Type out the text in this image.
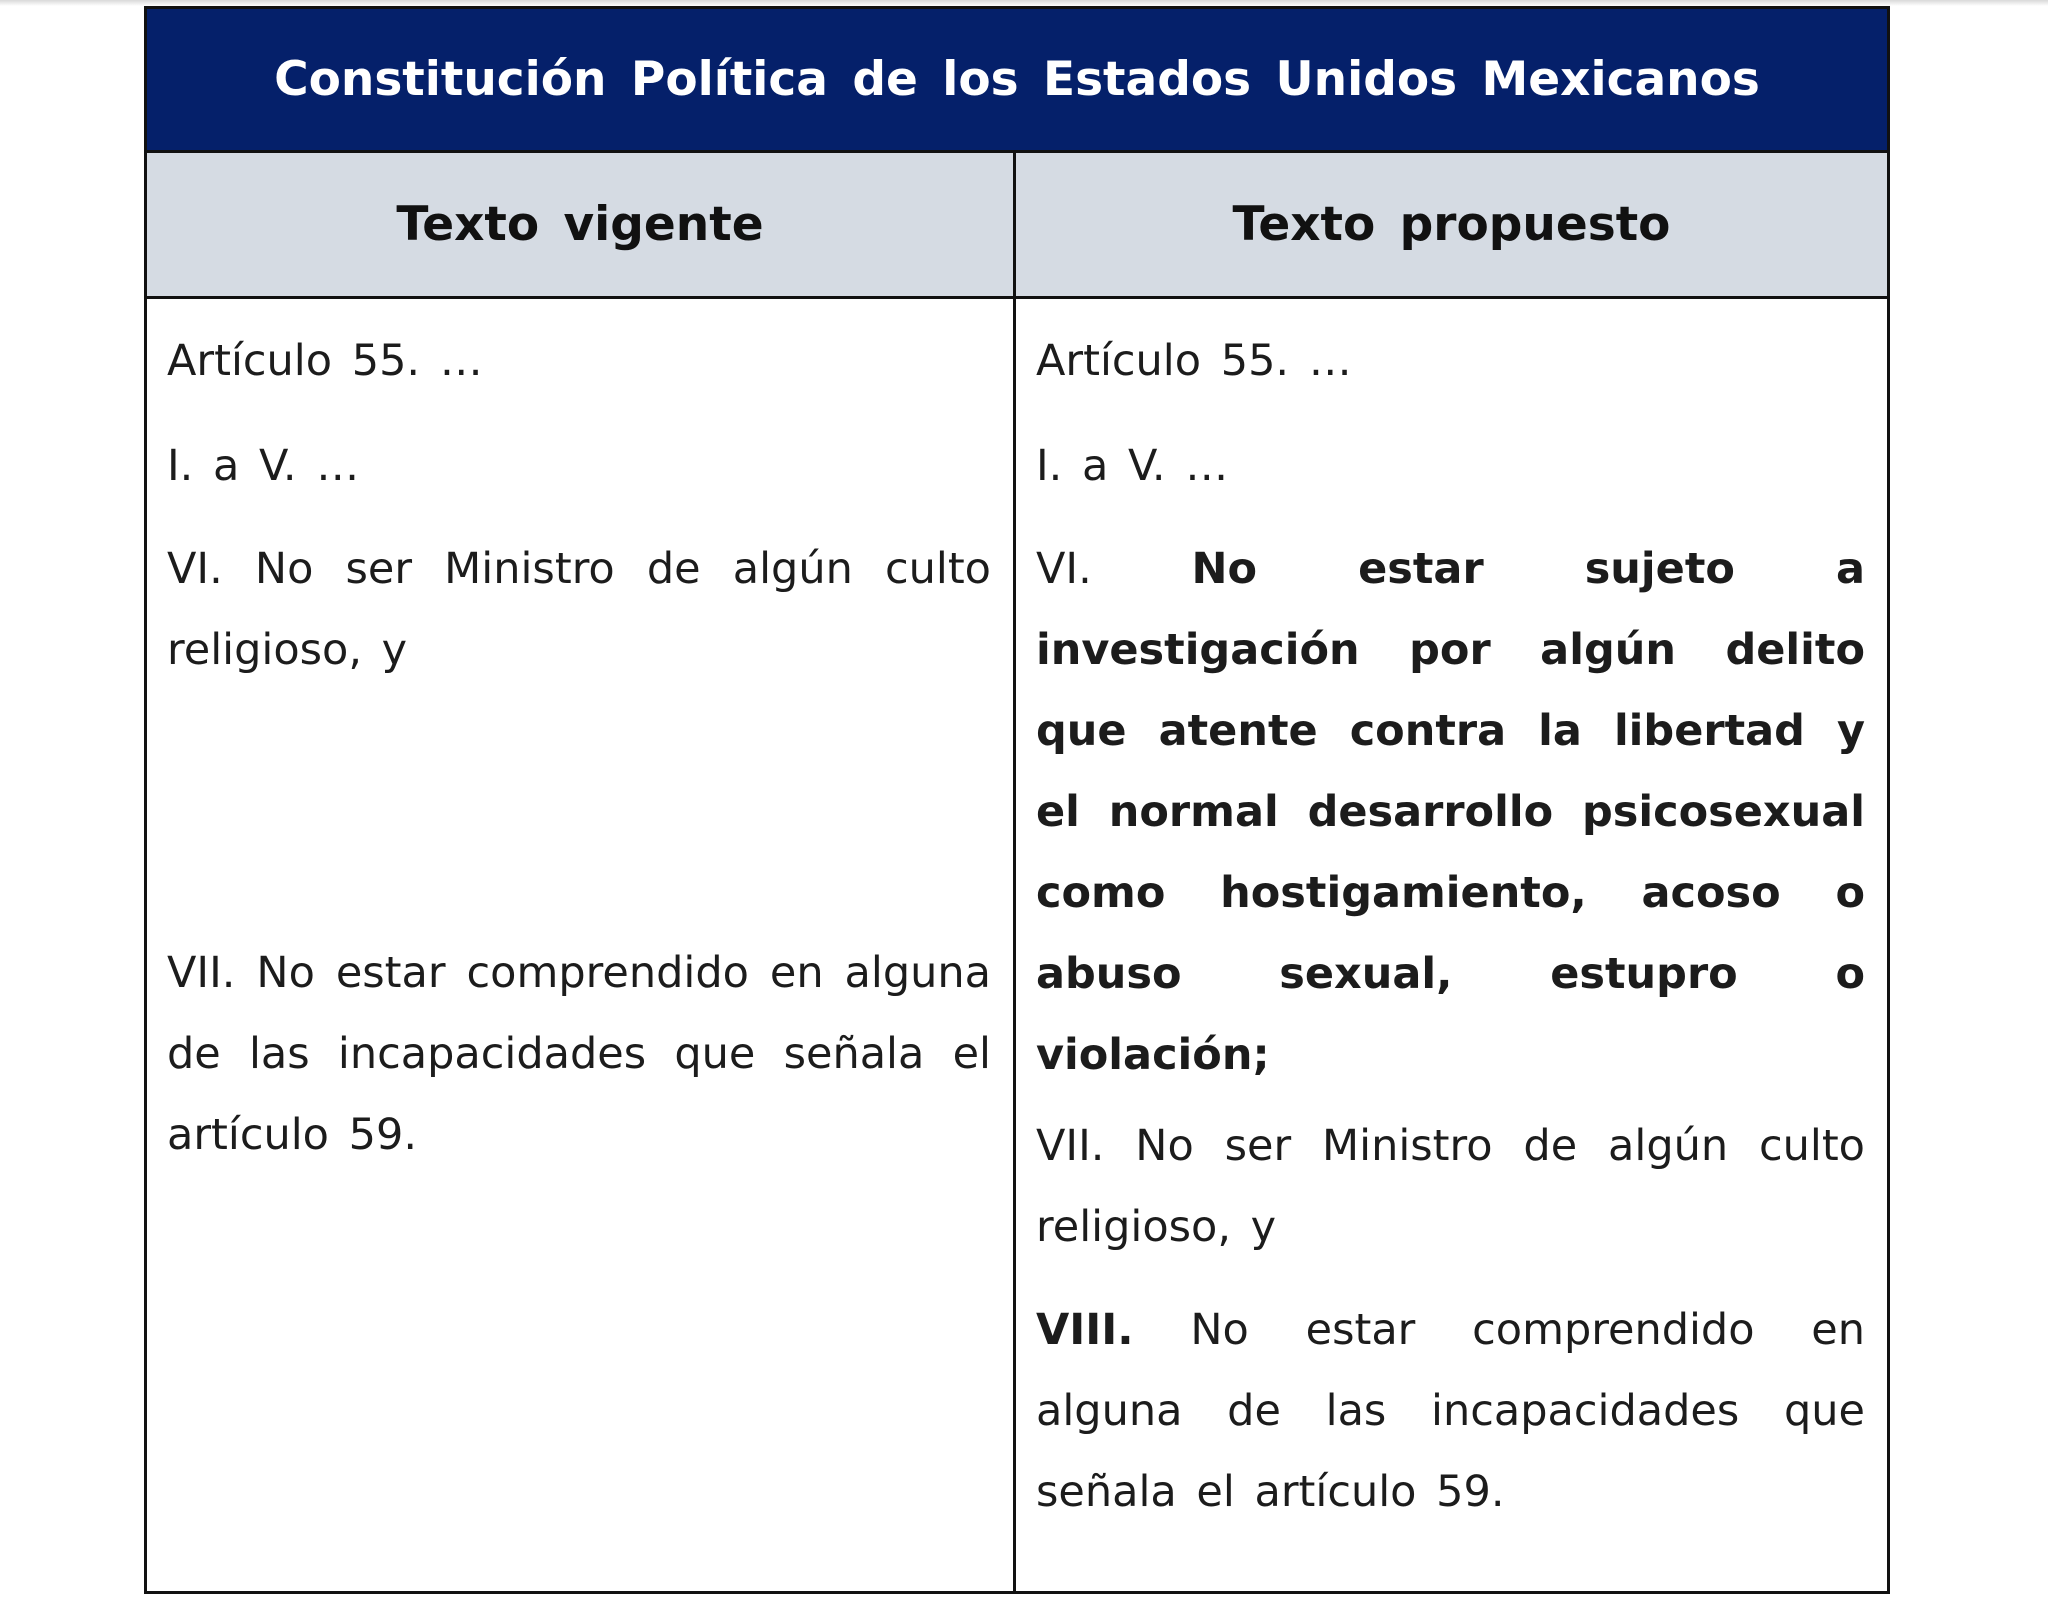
Constitución Política de los Estados Unidos Mexicanos
Texto vigente	Texto propuesto

Artículo 55. …

I. a V. …

VI. No ser Ministro de algún culto religioso, y

VII. No estar comprendido en alguna de las incapacidades que señala el artículo 59.

Artículo 55. …

I. a V. …

VI. No estar sujeto a investigación por algún delito que atente contra la libertad y el normal desarrollo psicosexual como hostigamiento, acoso o abuso sexual, estupro o violación;

VII. No ser Ministro de algún culto religioso, y

VIII. No estar comprendido en alguna de las incapacidades que señala el artículo 59.
